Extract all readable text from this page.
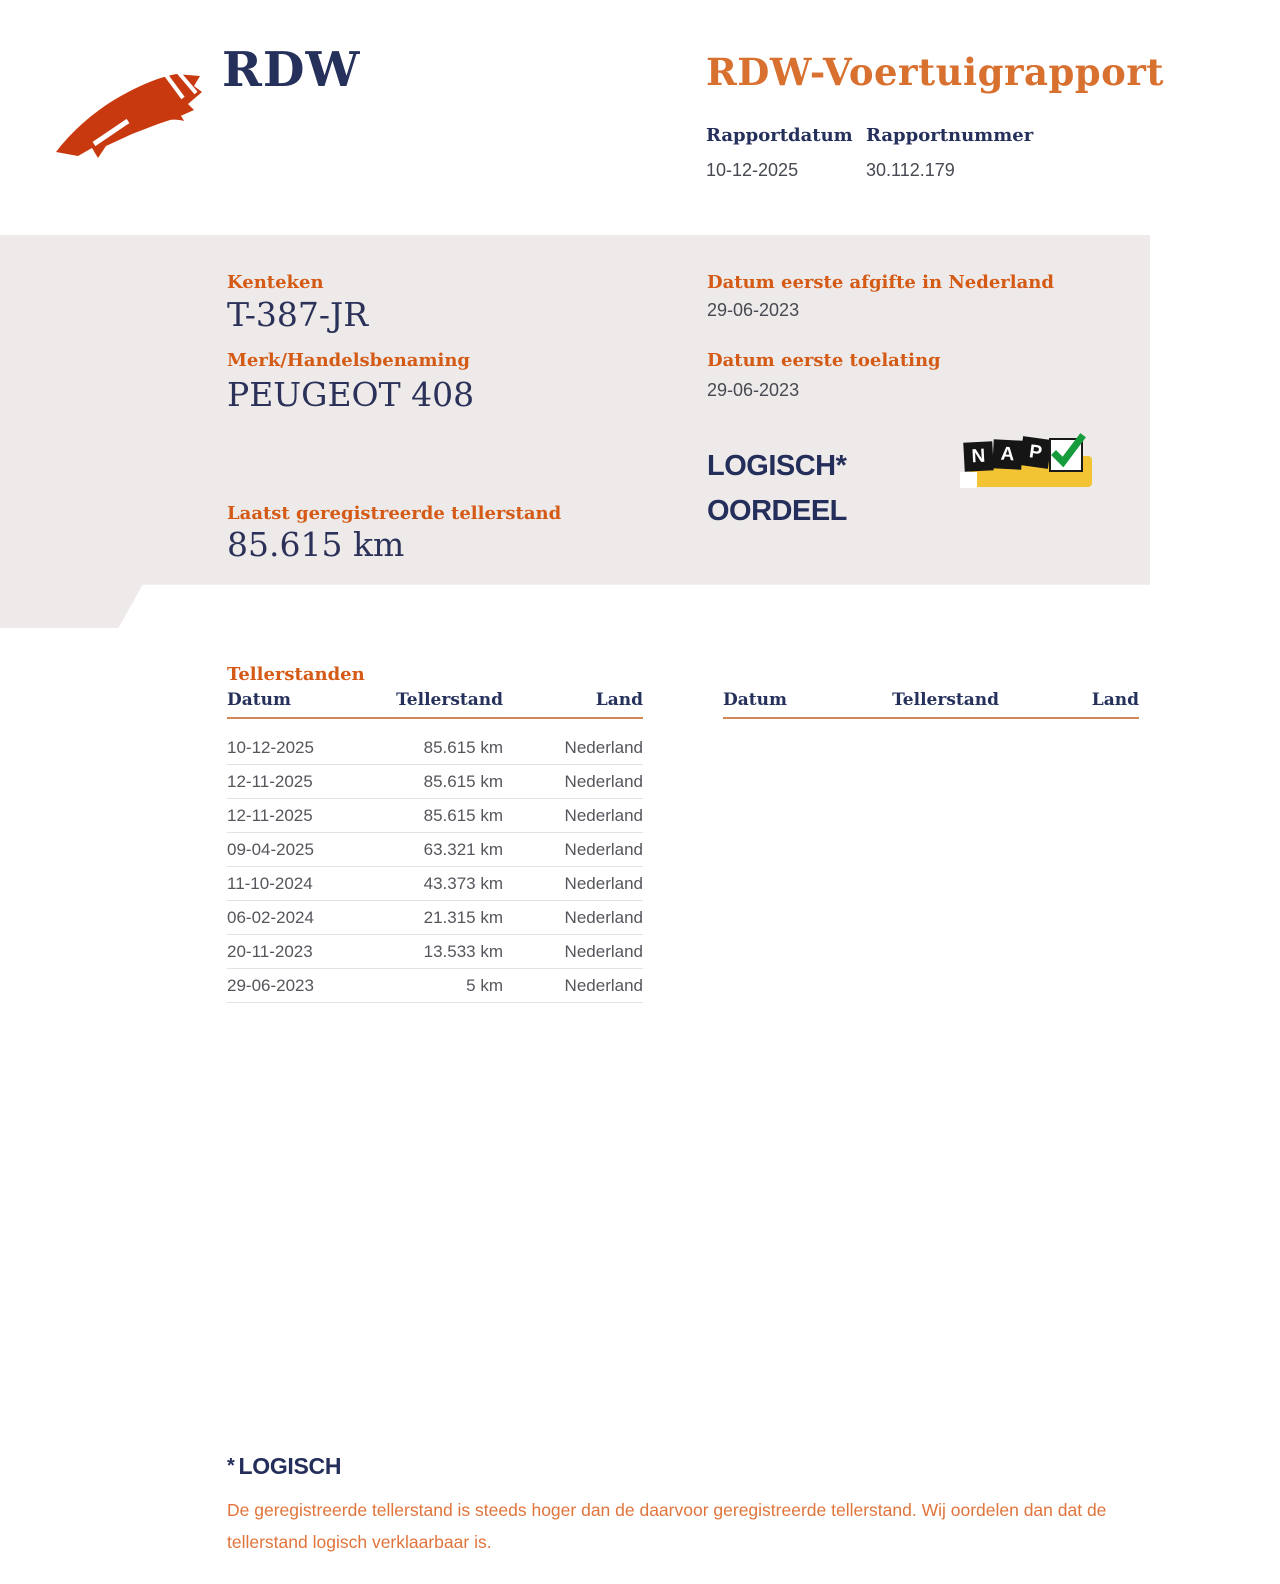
RDW	RDW-Voertuigrapport
Rapportdatum Rapportnummer
10-12-2025	30.112.179
Kenteken
T-387-JR
Merk/Handelsbenaming
PEUGEOT 408
Datum eerste afgifte in Nederland
29-06-2023
Datum eerste toelating
29-06-2023
LOGISCH*
OORDEEL
N A P
Laatst geregistreerde tellerstand
85.615 km
Tellerstanden
Datum	Tellerstand	Land
10-12-2025	85.615 km	Nederland
12-11-2025	85.615 km	Nederland
12-11-2025	85.615 km	Nederland
09-04-2025	63.321 km	Nederland
11-10-2024	43.373 km	Nederland
06-02-2024	21.315 km	Nederland
20-11-2023	13.533 km	Nederland
29-06-2023	5 km	Nederland
Datum	Tellerstand	Land
* LOGISCH
De geregistreerde tellerstand is steeds hoger dan de daarvoor geregistreerde tellerstand. Wij oordelen dan dat de tellerstand logisch verklaarbaar is.
